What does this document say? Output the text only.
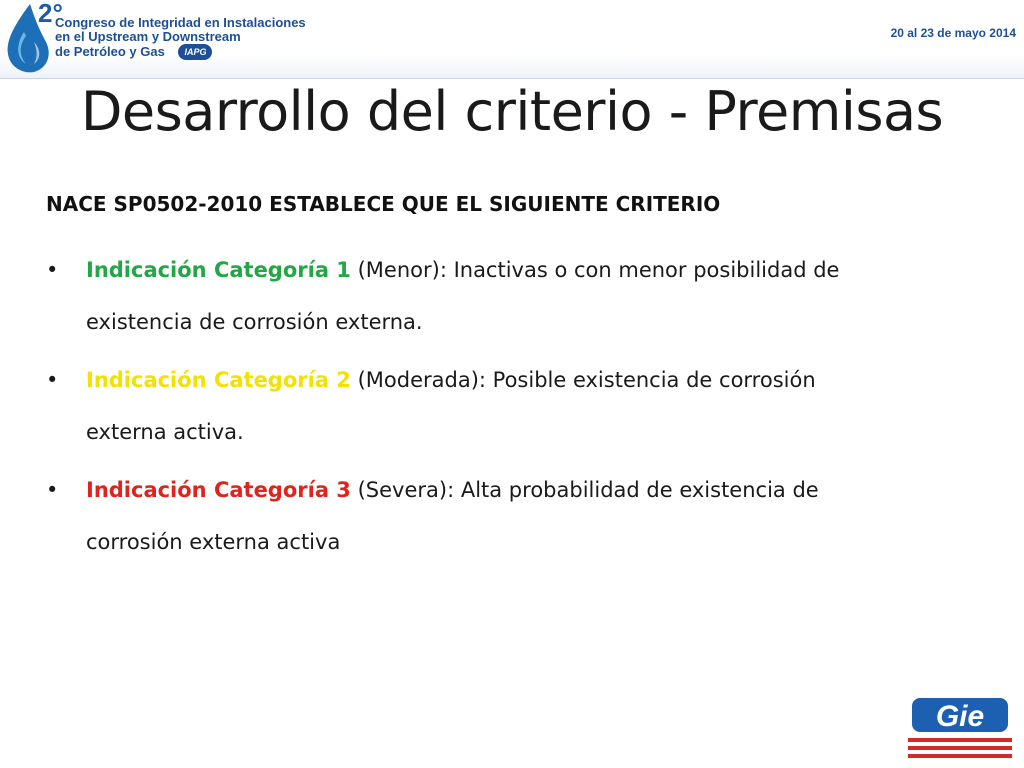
2°
Congreso de Integridad en Instalaciones
en el Upstream y Downstream
de Petróleo y Gas IAPG
20 al 23 de mayo 2014
Desarrollo del criterio - Premisas
NACE SP0502-2010 ESTABLECE QUE EL SIGUIENTE CRITERIO
•	Indicación Categoría 1 (Menor): Inactivas o con menor posibilidad de existencia de corrosión externa.
•	Indicación Categoría 2 (Moderada): Posible existencia de corrosión externa activa.
•	Indicación Categoría 3 (Severa): Alta probabilidad de existencia de corrosión externa activa
Gie
